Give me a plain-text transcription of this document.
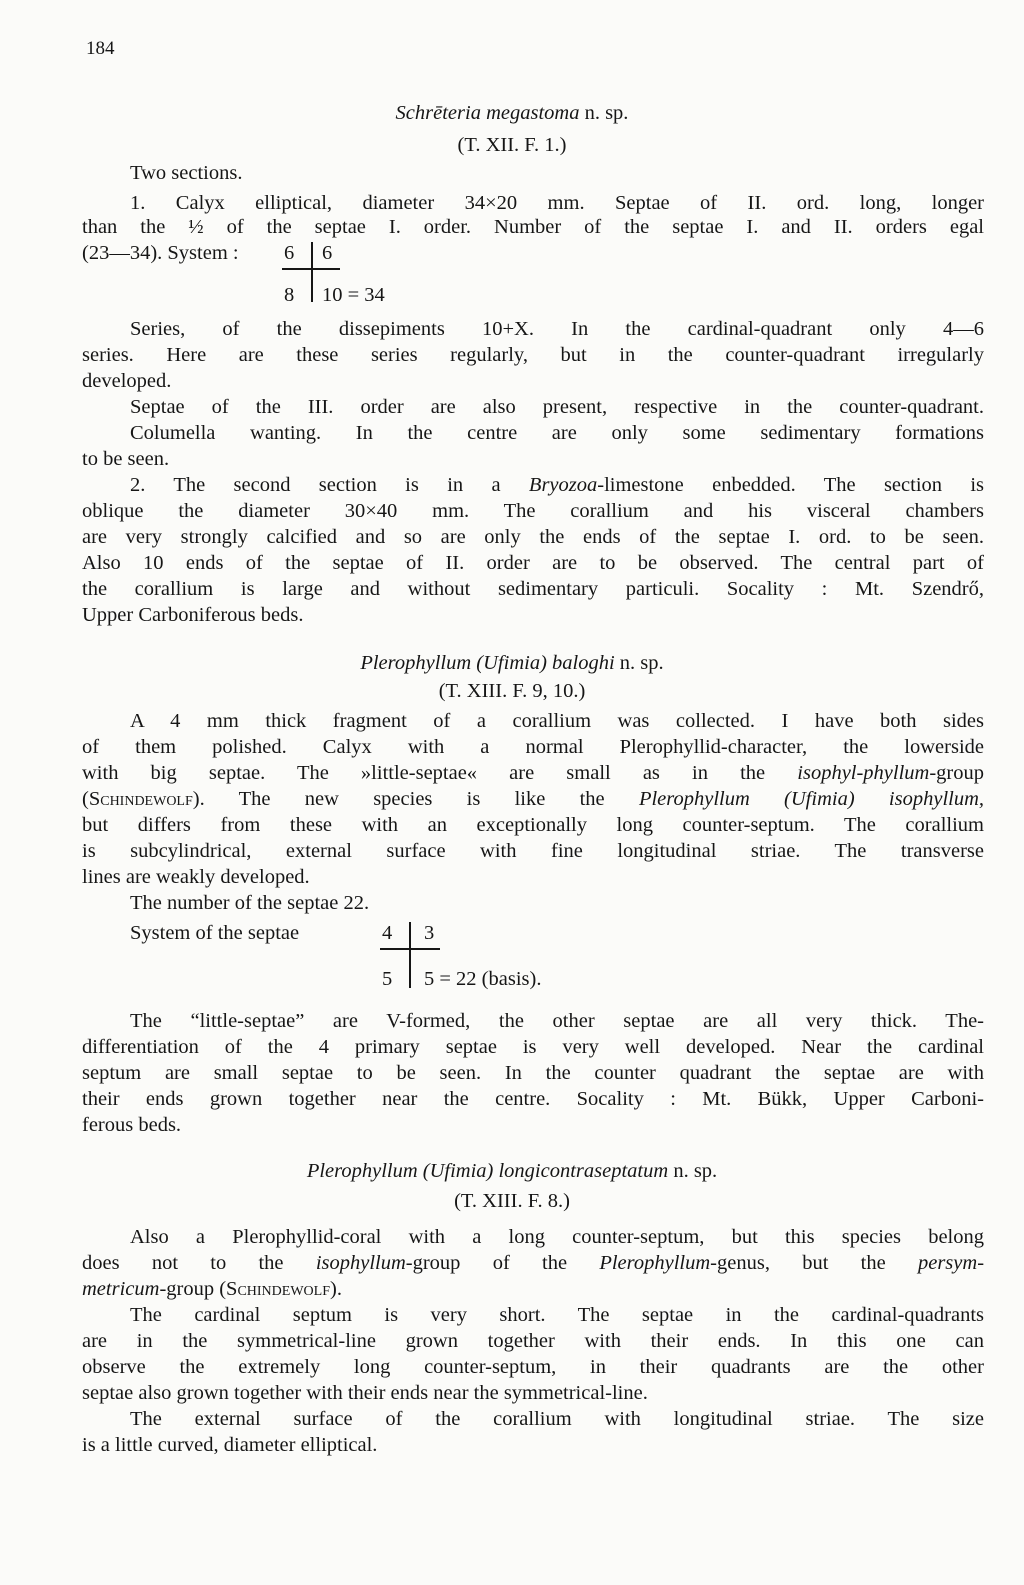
184
Schrēteria megastoma n. sp.
(T. XII. F. 1.)
Two sections.
1. Calyx elliptical, diameter 34×20 mm. Septae of II. ord. long, longer
than the ½ of the septae I. order. Number of the septae I. and II. orders egal
(23—34). System : 6 6
8 10 = 34
Series, of the dissepiments 10+X. In the cardinal-quadrant only 4—6
series. Here are these series regularly, but in the counter-quadrant irregularly
developed.
Septae of the III. order are also present, respective in the counter-quadrant.
Columella wanting. In the centre are only some sedimentary formations
to be seen.
2. The second section is in a Bryozoa-limestone enbedded. The section is
oblique the diameter 30×40 mm. The corallium and his visceral chambers
are very strongly calcified and so are only the ends of the septae I. ord. to be seen.
Also 10 ends of the septae of II. order are to be observed. The central part of
the corallium is large and without sedimentary particuli. Socality : Mt. Szendrő,
Upper Carboniferous beds.
Plerophyllum (Ufimia) baloghi n. sp.
(T. XIII. F. 9, 10.)
A 4 mm thick fragment of a corallium was collected. I have both sides
of them polished. Calyx with a normal Plerophyllid-character, the lowerside
with big septae. The »little-septae« are small as in the isophyl-phyllum-group
(Schindewolf). The new species is like the Plerophyllum (Ufimia) isophyllum,
but differs from these with an exceptionally long counter-septum. The corallium
is subcylindrical, external surface with fine longitudinal striae. The transverse
lines are weakly developed.
The number of the septae 22.
System of the septae	4 3
5 5 = 22 (basis).
The “little-septae” are V-formed, the other septae are all very thick. The-
differentiation of the 4 primary septae is very well developed. Near the cardinal
septum are small septae to be seen. In the counter quadrant the septae are with
their ends grown together near the centre. Socality : Mt. Bükk, Upper Carboni-
ferous beds.
Plerophyllum (Ufimia) longicontraseptatum n. sp.
(T. XIII. F. 8.)
Also a Plerophyllid-coral with a long counter-septum, but this species belong
does not to the isophyllum-group of the Plerophyllum-genus, but the persym-
metricum-group (Schindewolf).
The cardinal septum is very short. The septae in the cardinal-quadrants
are in the symmetrical-line grown together with their ends. In this one can
observe the extremely long counter-septum, in their quadrants are the other
septae also grown together with their ends near the symmetrical-line.
The external surface of the corallium with longitudinal striae. The size
is a little curved, diameter elliptical.
